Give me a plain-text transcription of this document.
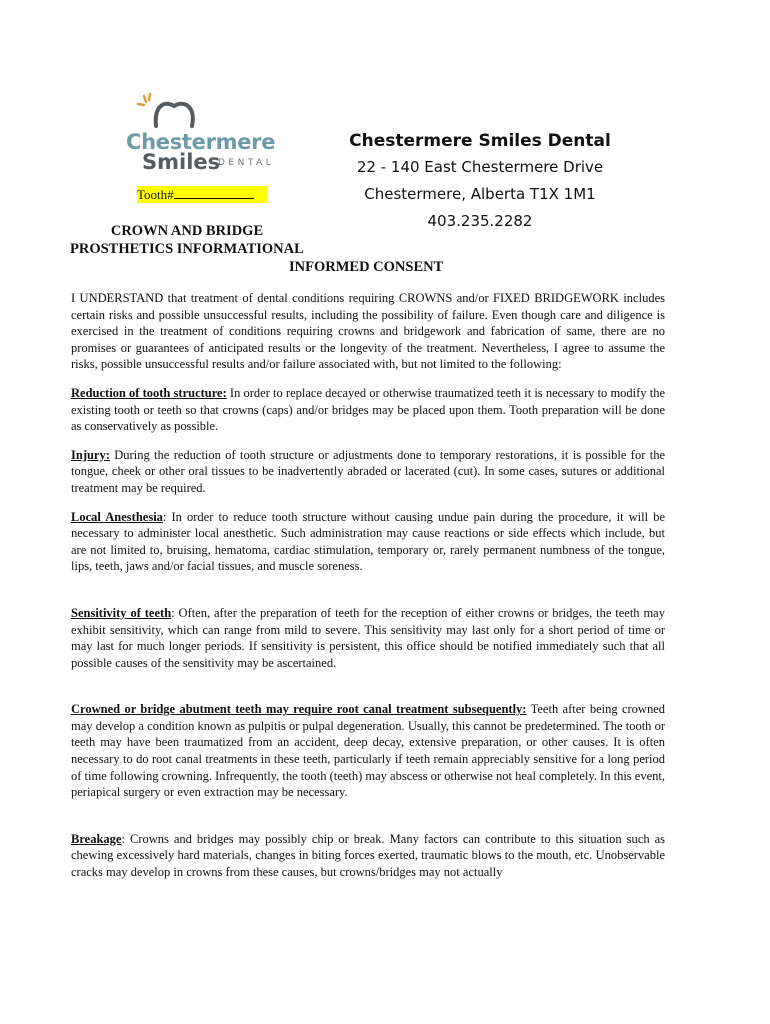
Chestermere
Smiles
DENTAL
Tooth#
Chestermere Smiles Dental
22 - 140 East Chestermere Drive
Chestermere, Alberta T1X 1M1
403.235.2282
CROWN AND BRIDGE
PROSTHETICS INFORMATIONAL
INFORMED CONSENT

I UNDERSTAND that treatment of dental conditions requiring CROWNS and/or FIXED BRIDGEWORK includes certain risks and possible unsuccessful results, including the possibility of failure. Even though care and diligence is exercised in the treatment of conditions requiring crowns and bridgework and fabrication of same, there are no promises or guarantees of anticipated results or the longevity of the treatment. Nevertheless, I agree to assume the risks, possible unsuccessful results and/or failure associated with, but not limited to the following:

Reduction of tooth structure: In order to replace decayed or otherwise traumatized teeth it is necessary to modify the existing tooth or teeth so that crowns (caps) and/or bridges may be placed upon them. Tooth preparation will be done as conservatively as possible.

Injury: During the reduction of tooth structure or adjustments done to temporary restorations, it is possible for the tongue, cheek or other oral tissues to be inadvertently abraded or lacerated (cut). In some cases, sutures or additional treatment may be required.

Local Anesthesia: In order to reduce tooth structure without causing undue pain during the procedure, it will be necessary to administer local anesthetic. Such administration may cause reactions or side effects which include, but are not limited to, bruising, hematoma, cardiac stimulation, temporary or, rarely permanent numbness of the tongue, lips, teeth, jaws and/or facial tissues, and muscle soreness.

Sensitivity of teeth: Often, after the preparation of teeth for the reception of either crowns or bridges, the teeth may exhibit sensitivity, which can range from mild to severe. This sensitivity may last only for a short period of time or may last for much longer periods. If sensitivity is persistent, this office should be notified immediately such that all possible causes of the sensitivity may be ascertained.

Crowned or bridge abutment teeth may require root canal treatment subsequently: Teeth after being crowned may develop a condition known as pulpitis or pulpal degeneration. Usually, this cannot be predetermined. The tooth or teeth may have been traumatized from an accident, deep decay, extensive preparation, or other causes. It is often necessary to do root canal treatments in these teeth, particularly if teeth remain appreciably sensitive for a long period of time following crowning. Infrequently, the tooth (teeth) may abscess or otherwise not heal completely. In this event, periapical surgery or even extraction may be necessary.

Breakage: Crowns and bridges may possibly chip or break. Many factors can contribute to this situation such as chewing excessively hard materials, changes in biting forces exerted, traumatic blows to the mouth, etc. Unobservable cracks may develop in crowns from these causes, but crowns/bridges may not actually
